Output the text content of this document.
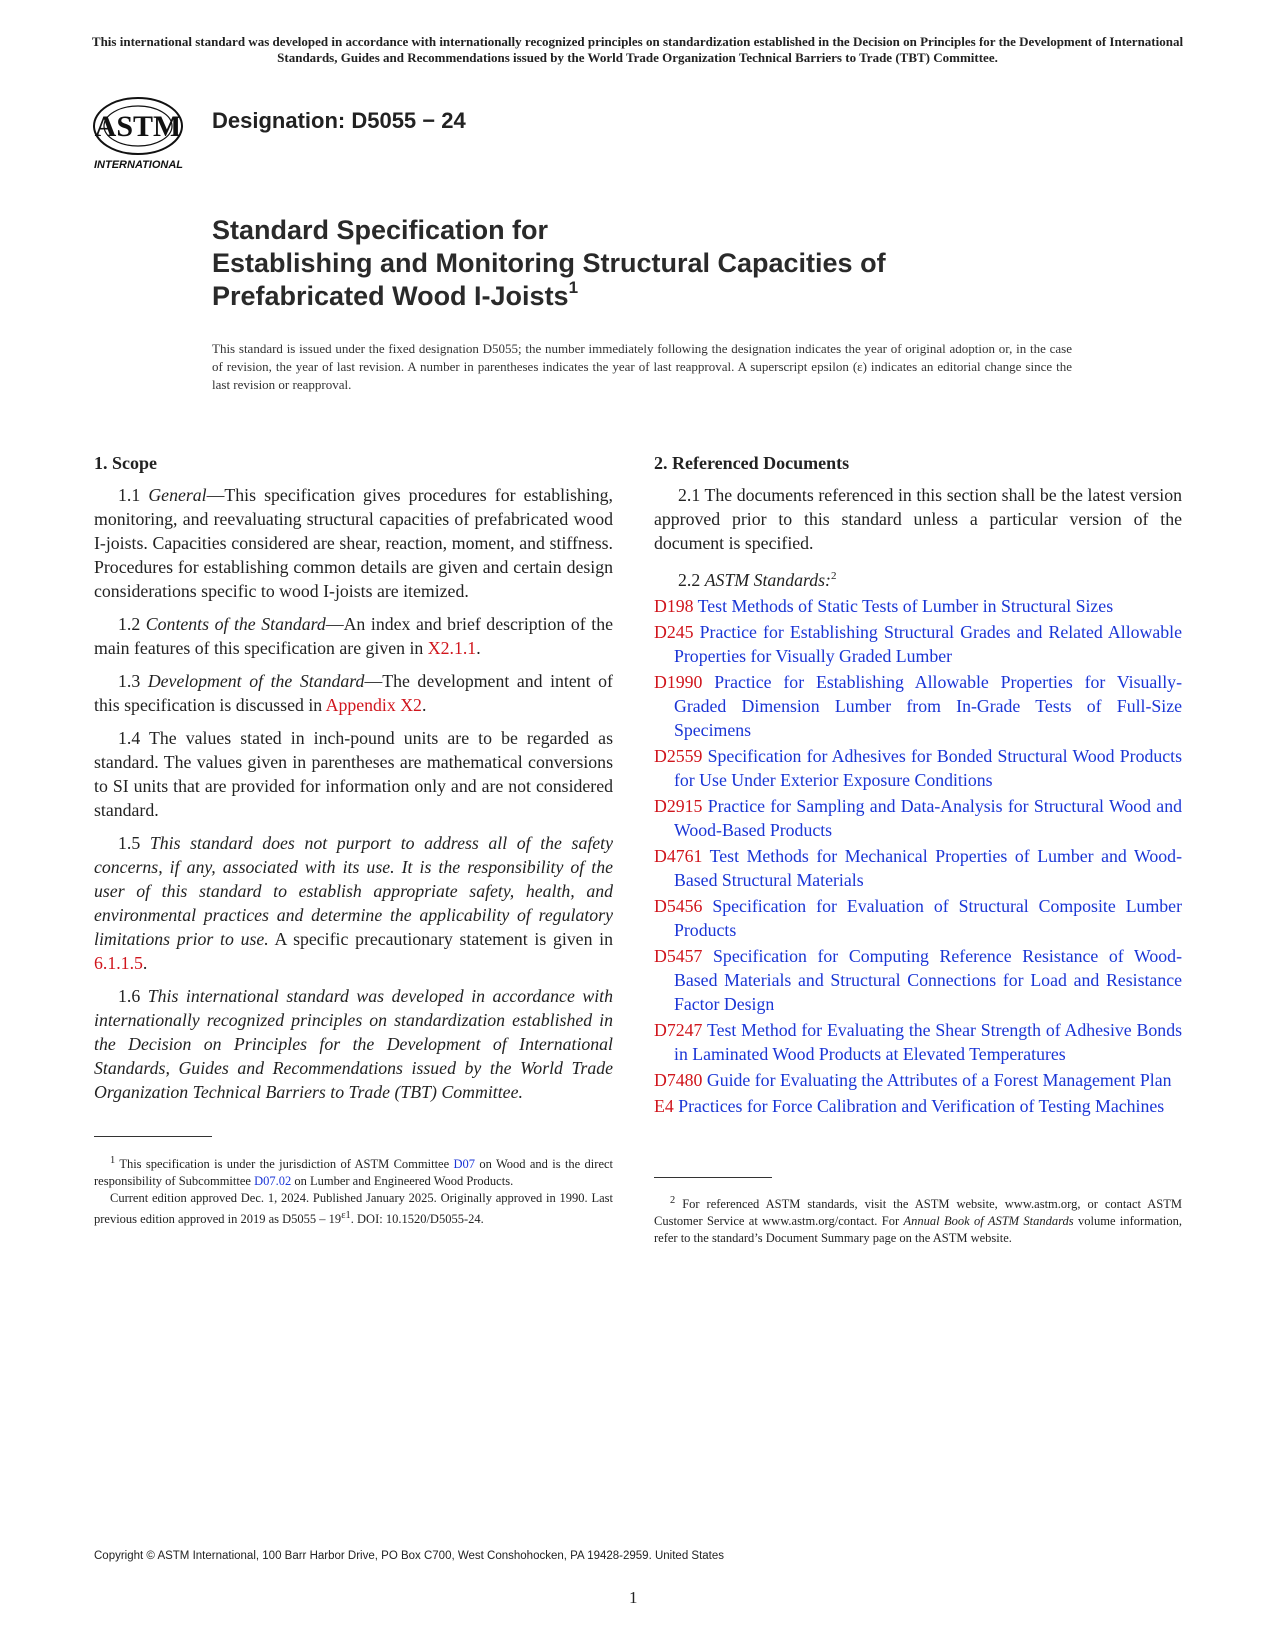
This international standard was developed in accordance with internationally recognized principles on standardization established in the Decision on Principles for the Development of International Standards, Guides and Recommendations issued by the World Trade Organization Technical Barriers to Trade (TBT) Committee.
ASTM
INTERNATIONAL
Designation: D5055 − 24
Standard Specification for
Establishing and Monitoring Structural Capacities of
Prefabricated Wood I-Joists$^1$
This standard is issued under the fixed designation D5055; the number immediately following the designation indicates the year of original adoption or, in the case of revision, the year of last revision. A number in parentheses indicates the year of last reapproval. A superscript epsilon (ε) indicates an editorial change since the last revision or reapproval.
1. Scope

1.1 General—This specification gives procedures for establishing, monitoring, and reevaluating structural capacities of prefabricated wood I-joists. Capacities considered are shear, reaction, moment, and stiffness. Procedures for establishing common details are given and certain design considerations specific to wood I-joists are itemized.

1.2 Contents of the Standard—An index and brief description of the main features of this specification are given in X2.1.1.

1.3 Development of the Standard—The development and intent of this specification is discussed in Appendix X2.

1.4 The values stated in inch-pound units are to be regarded as standard. The values given in parentheses are mathematical conversions to SI units that are provided for information only and are not considered standard.

1.5 This standard does not purport to address all of the safety concerns, if any, associated with its use. It is the responsibility of the user of this standard to establish appropriate safety, health, and environmental practices and determine the applicability of regulatory limitations prior to use. A specific precautionary statement is given in 6.1.1.5.

1.6 This international standard was developed in accordance with internationally recognized principles on standardization established in the Decision on Principles for the Development of International Standards, Guides and Recommendations issued by the World Trade Organization Technical Barriers to Trade (TBT) Committee.

$^1$ This specification is under the jurisdiction of ASTM Committee D07 on Wood and is the direct responsibility of Subcommittee D07.02 on Lumber and Engineered Wood Products.

Current edition approved Dec. 1, 2024. Published January 2025. Originally approved in 1990. Last previous edition approved in 2019 as $D5055 - 19^{\varepsilon 1}$. DOI: 10.1520/D5055-24.

2. Referenced Documents

2.1 The documents referenced in this section shall be the latest version approved prior to this standard unless a particular version of the document is specified.

2.2 ASTM Standards:$^2$

D198 Test Methods of Static Tests of Lumber in Structural Sizes

D245 Practice for Establishing Structural Grades and Related Allowable Properties for Visually Graded Lumber

D1990 Practice for Establishing Allowable Properties for Visually-Graded Dimension Lumber from In-Grade Tests of Full-Size Specimens

D2559 Specification for Adhesives for Bonded Structural Wood Products for Use Under Exterior Exposure Conditions

D2915 Practice for Sampling and Data-Analysis for Structural Wood and Wood-Based Products

D4761 Test Methods for Mechanical Properties of Lumber and Wood-Based Structural Materials

D5456 Specification for Evaluation of Structural Composite Lumber Products

D5457 Specification for Computing Reference Resistance of Wood-Based Materials and Structural Connections for Load and Resistance Factor Design

D7247 Test Method for Evaluating the Shear Strength of Adhesive Bonds in Laminated Wood Products at Elevated Temperatures

D7480 Guide for Evaluating the Attributes of a Forest Management Plan

E4 Practices for Force Calibration and Verification of Testing Machines

$^2$ For referenced ASTM standards, visit the ASTM website, www.astm.org, or contact ASTM Customer Service at www.astm.org/contact. For Annual Book of ASTM Standards volume information, refer to the standard’s Document Summary page on the ASTM website.

Copyright © ASTM International, 100 Barr Harbor Drive, PO Box C700, West Conshohocken, PA 19428-2959. United States
1
